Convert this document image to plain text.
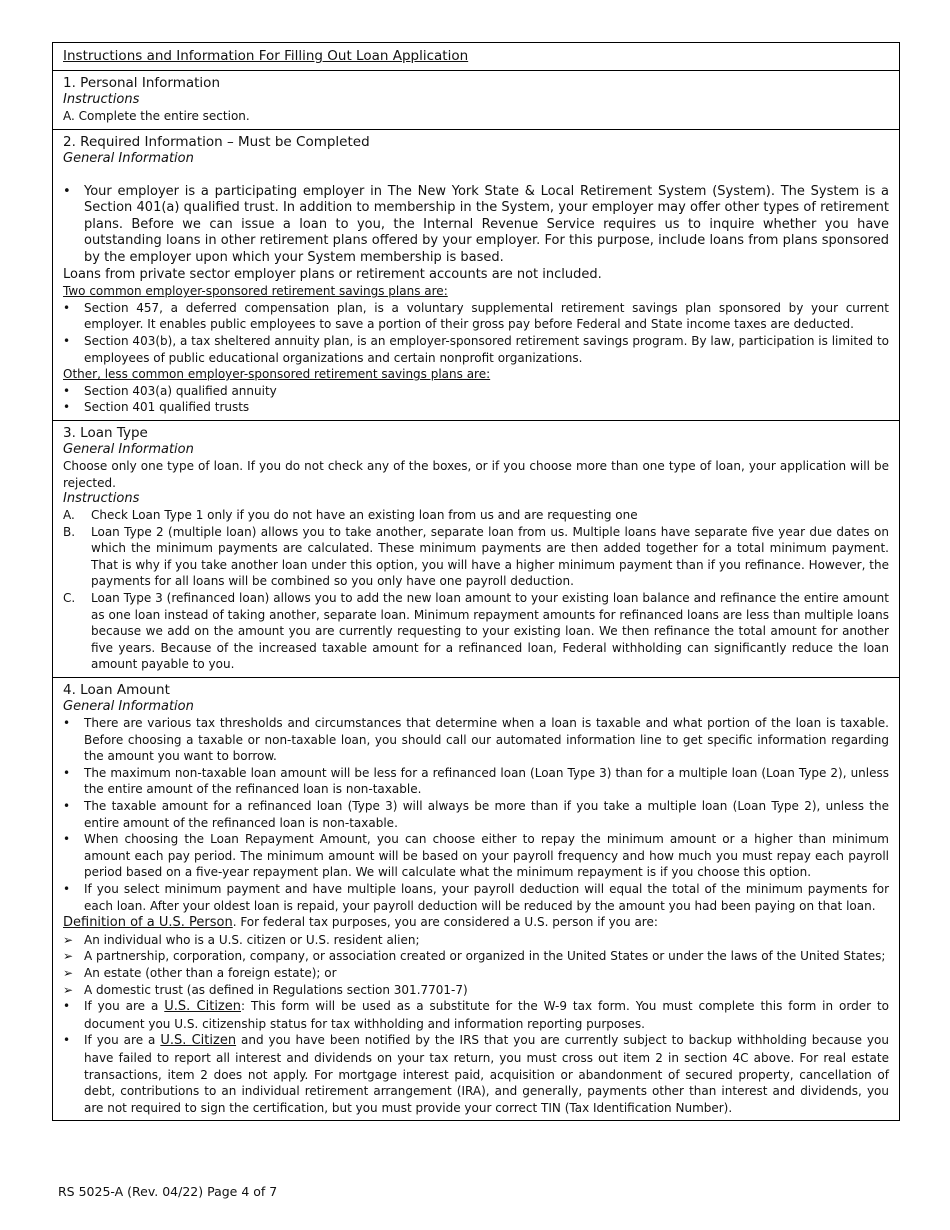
Instructions and Information For Filling Out Loan Application
1. Personal Information
Instructions
A. Complete the entire section.
2. Required Information – Must be Completed
General Information
•	Your employer is a participating employer in The New York State & Local Retirement System (System). The System is a Section 401(a) qualified trust. In addition to membership in the System, your employer may offer other types of retirement plans. Before we can issue a loan to you, the Internal Revenue Service requires us to inquire whether you have outstanding loans in other retirement plans offered by your employer. For this purpose, include loans from plans sponsored by the employer upon which your System membership is based.
Loans from private sector employer plans or retirement accounts are not included.
Two common employer-sponsored retirement savings plans are:
•	Section 457, a deferred compensation plan, is a voluntary supplemental retirement savings plan sponsored by your current employer. It enables public employees to save a portion of their gross pay before Federal and State income taxes are deducted.
•	Section 403(b), a tax sheltered annuity plan, is an employer-sponsored retirement savings program. By law, participation is limited to employees of public educational organizations and certain nonprofit organizations.
Other, less common employer-sponsored retirement savings plans are:
•	Section 403(a) qualified annuity
•	Section 401 qualified trusts
3. Loan Type
General Information
Choose only one type of loan. If you do not check any of the boxes, or if you choose more than one type of loan, your application will be rejected.
Instructions
A.	Check Loan Type 1 only if you do not have an existing loan from us and are requesting one
B.	Loan Type 2 (multiple loan) allows you to take another, separate loan from us. Multiple loans have separate five year due dates on which the minimum payments are calculated. These minimum payments are then added together for a total minimum payment. That is why if you take another loan under this option, you will have a higher minimum payment than if you refinance. However, the payments for all loans will be combined so you only have one payroll deduction.
C.	Loan Type 3 (refinanced loan) allows you to add the new loan amount to your existing loan balance and refinance the entire amount as one loan instead of taking another, separate loan. Minimum repayment amounts for refinanced loans are less than multiple loans because we add on the amount you are currently requesting to your existing loan. We then refinance the total amount for another five years. Because of the increased taxable amount for a refinanced loan, Federal withholding can significantly reduce the loan amount payable to you.
4. Loan Amount
General Information
•	There are various tax thresholds and circumstances that determine when a loan is taxable and what portion of the loan is taxable. Before choosing a taxable or non-taxable loan, you should call our automated information line to get specific information regarding the amount you want to borrow.
•	The maximum non-taxable loan amount will be less for a refinanced loan (Loan Type 3) than for a multiple loan (Loan Type 2), unless the entire amount of the refinanced loan is non-taxable.
•	The taxable amount for a refinanced loan (Type 3) will always be more than if you take a multiple loan (Loan Type 2), unless the entire amount of the refinanced loan is non-taxable.
•	When choosing the Loan Repayment Amount, you can choose either to repay the minimum amount or a higher than minimum amount each pay period. The minimum amount will be based on your payroll frequency and how much you must repay each payroll period based on a five-year repayment plan. We will calculate what the minimum repayment is if you choose this option.
•	If you select minimum payment and have multiple loans, your payroll deduction will equal the total of the minimum payments for each loan. After your oldest loan is repaid, your payroll deduction will be reduced by the amount you had been paying on that loan.
Definition of a U.S. Person. For federal tax purposes, you are considered a U.S. person if you are:
➢ An individual who is a U.S. citizen or U.S. resident alien;
➢ A partnership, corporation, company, or association created or organized in the United States or under the laws of the United States;
➢ An estate (other than a foreign estate); or
➢ A domestic trust (as defined in Regulations section 301.7701-7)
•	If you are a U.S. Citizen: This form will be used as a substitute for the W-9 tax form. You must complete this form in order to document you U.S. citizenship status for tax withholding and information reporting purposes.
•	If you are a U.S. Citizen and you have been notified by the IRS that you are currently subject to backup withholding because you have failed to report all interest and dividends on your tax return, you must cross out item 2 in section 4C above. For real estate transactions, item 2 does not apply. For mortgage interest paid, acquisition or abandonment of secured property, cancellation of debt, contributions to an individual retirement arrangement (IRA), and generally, payments other than interest and dividends, you are not required to sign the certification, but you must provide your correct TIN (Tax Identification Number).
RS 5025-A (Rev. 04/22) Page 4 of 7
